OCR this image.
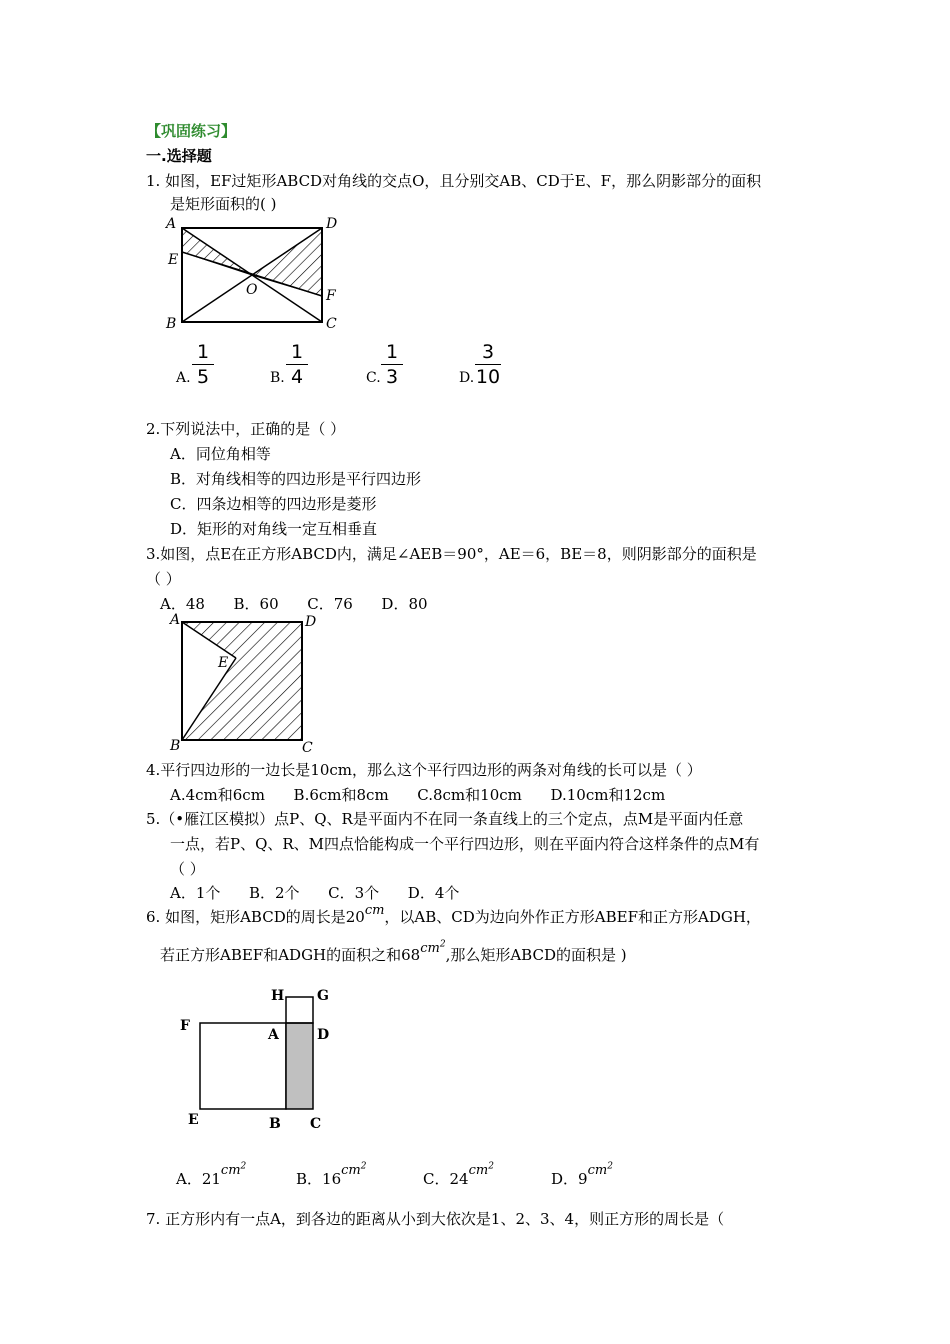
【巩固练习】
一.选择题
1. 如图，EF过矩形ABCD对角线的交点O，且分别交AB、CD于E、F，那么阴影部分的面积
是矩形面积的( )
A	D
E
O	F
B	C
A.
1
5	B.
1
4	C.
1
3	D.
3
10
2.下列说法中，正确的是（ ）
A．同位角相等
B．对角线相等的四边形是平行四边形
C．四条边相等的四边形是菱形
D．矩形的对角线一定互相垂直
3.如图，点E在正方形ABCD内，满足∠AEB＝90°，AE＝6，BE＝8，则阴影部分的面积是
（ ）
A．48      B．60      C．76      D．80
A	D
E
B	C
4.平行四边形的一边长是10cm，那么这个平行四边形的两条对角线的长可以是（ ）
A.4cm和6cm      B.6cm和8cm      C.8cm和10cm      D.10cm和12cm
5.（•雁江区模拟）点P、Q、R是平面内不在同一条直线上的三个定点，点M是平面内任意
一点，若P、Q、R、M四点恰能构成一个平行四边形，则在平面内符合这样条件的点M有
（ ）
A．1个      B．2个      C．3个      D．4个
6. 如图，矩形ABCD的周长是20cm，以AB、CD为边向外作正方形ABEF和正方形ADGH，
若正方形ABEF和ADGH的面积之和$68cm^2$,那么矩形ABCD的面积是 )
H G
F
A	D
E	B C
A．$21cm^2$
B．$16cm^2$
C．$24cm^2$
D．$9cm^2$
7. 正方形内有一点A，到各边的距离从小到大依次是1、2、3、4，则正方形的周长是（
